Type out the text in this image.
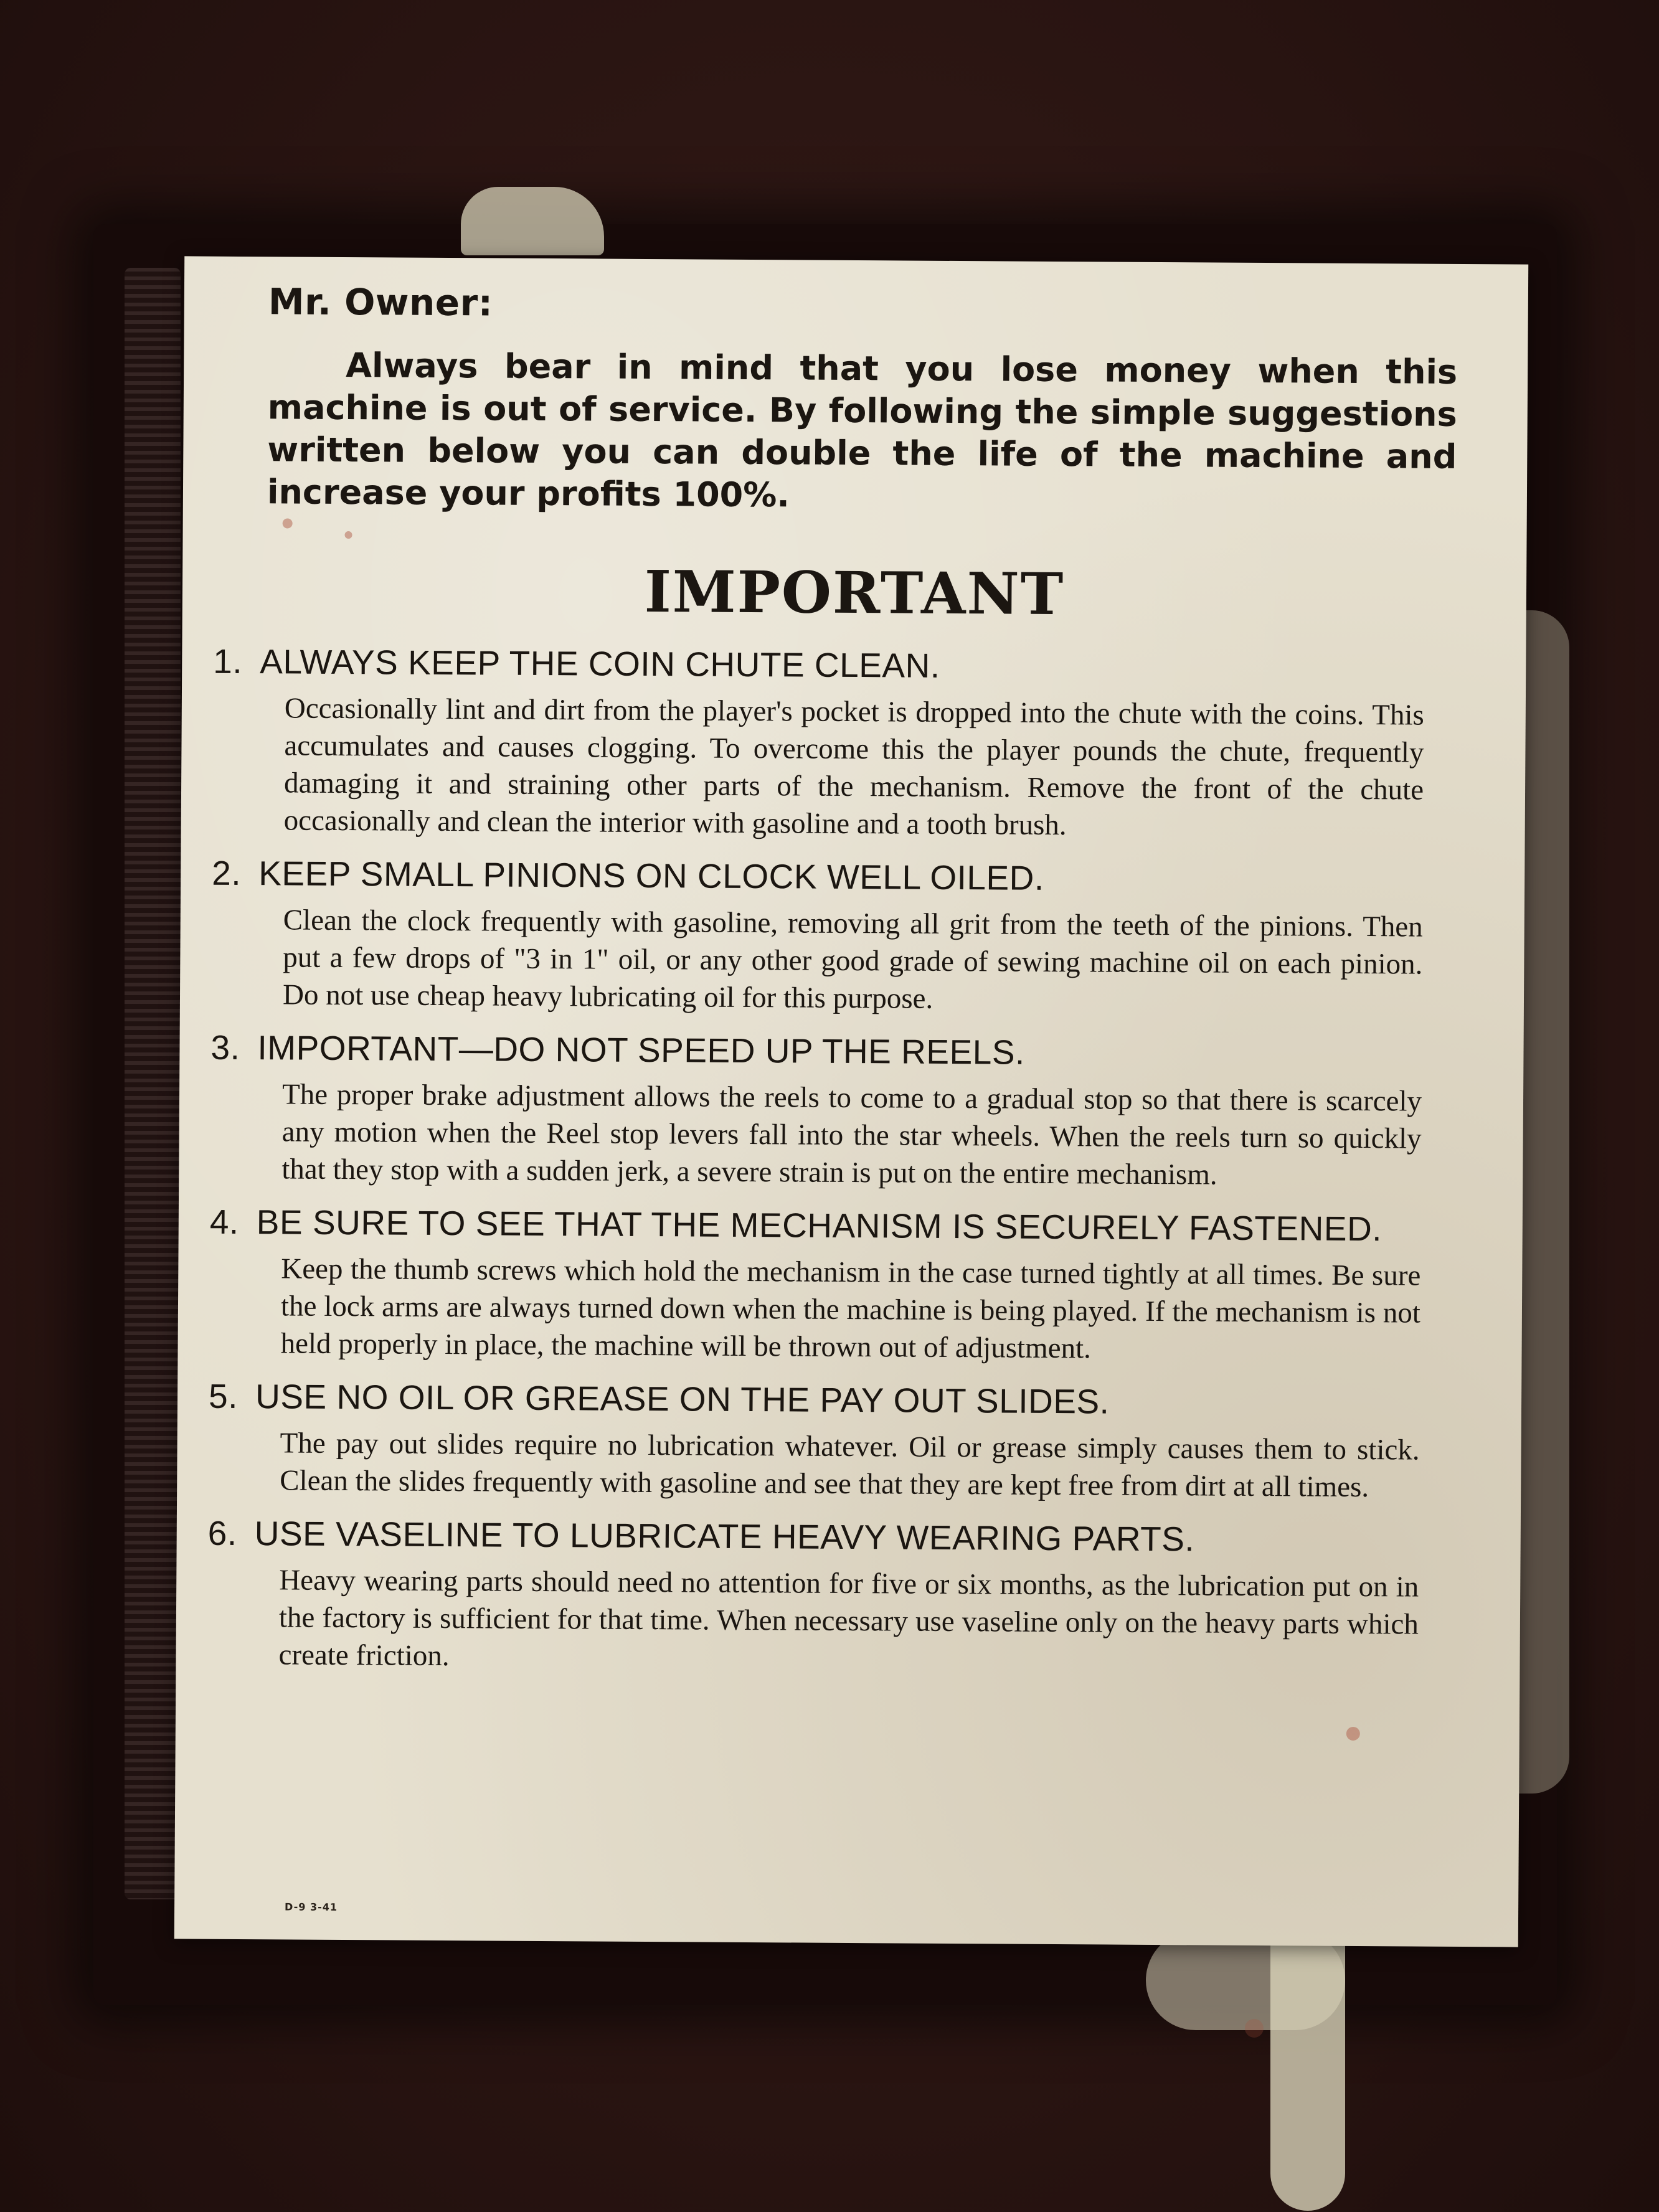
Mr. Owner:
Always bear in mind that you lose money when this machine is out of service. By following the simple suggestions written below you can double the life of the machine and increase your profits 100%.
IMPORTANT
1. ALWAYS KEEP THE COIN CHUTE CLEAN.
Occasionally lint and dirt from the player's pocket is dropped into the chute with the coins. This accumulates and causes clogging. To overcome this the player pounds the chute, frequently damaging it and straining other parts of the mechanism. Remove the front of the chute occasionally and clean the interior with gasoline and a tooth brush.
2. KEEP SMALL PINIONS ON CLOCK WELL OILED.
Clean the clock frequently with gasoline, removing all grit from the teeth of the pinions. Then put a few drops of "3 in 1" oil, or any other good grade of sewing machine oil on each pinion. Do not use cheap heavy lubricating oil for this purpose.
3. IMPORTANT—DO NOT SPEED UP THE REELS.
The proper brake adjustment allows the reels to come to a gradual stop so that there is scarcely any motion when the Reel stop levers fall into the star wheels. When the reels turn so quickly that they stop with a sudden jerk, a severe strain is put on the entire mechanism.
4. BE SURE TO SEE THAT THE MECHANISM IS SECURELY FASTENED.
Keep the thumb screws which hold the mechanism in the case turned tightly at all times. Be sure the lock arms are always turned down when the machine is being played. If the mechanism is not held properly in place, the machine will be thrown out of adjustment.
5. USE NO OIL OR GREASE ON THE PAY OUT SLIDES.
The pay out slides require no lubrication whatever. Oil or grease simply causes them to stick. Clean the slides frequently with gasoline and see that they are kept free from dirt at all times.
6. USE VASELINE TO LUBRICATE HEAVY WEARING PARTS.
Heavy wearing parts should need no attention for five or six months, as the lubrication put on in the factory is sufficient for that time. When necessary use vaseline only on the heavy parts which create friction.
D-9 3-41
